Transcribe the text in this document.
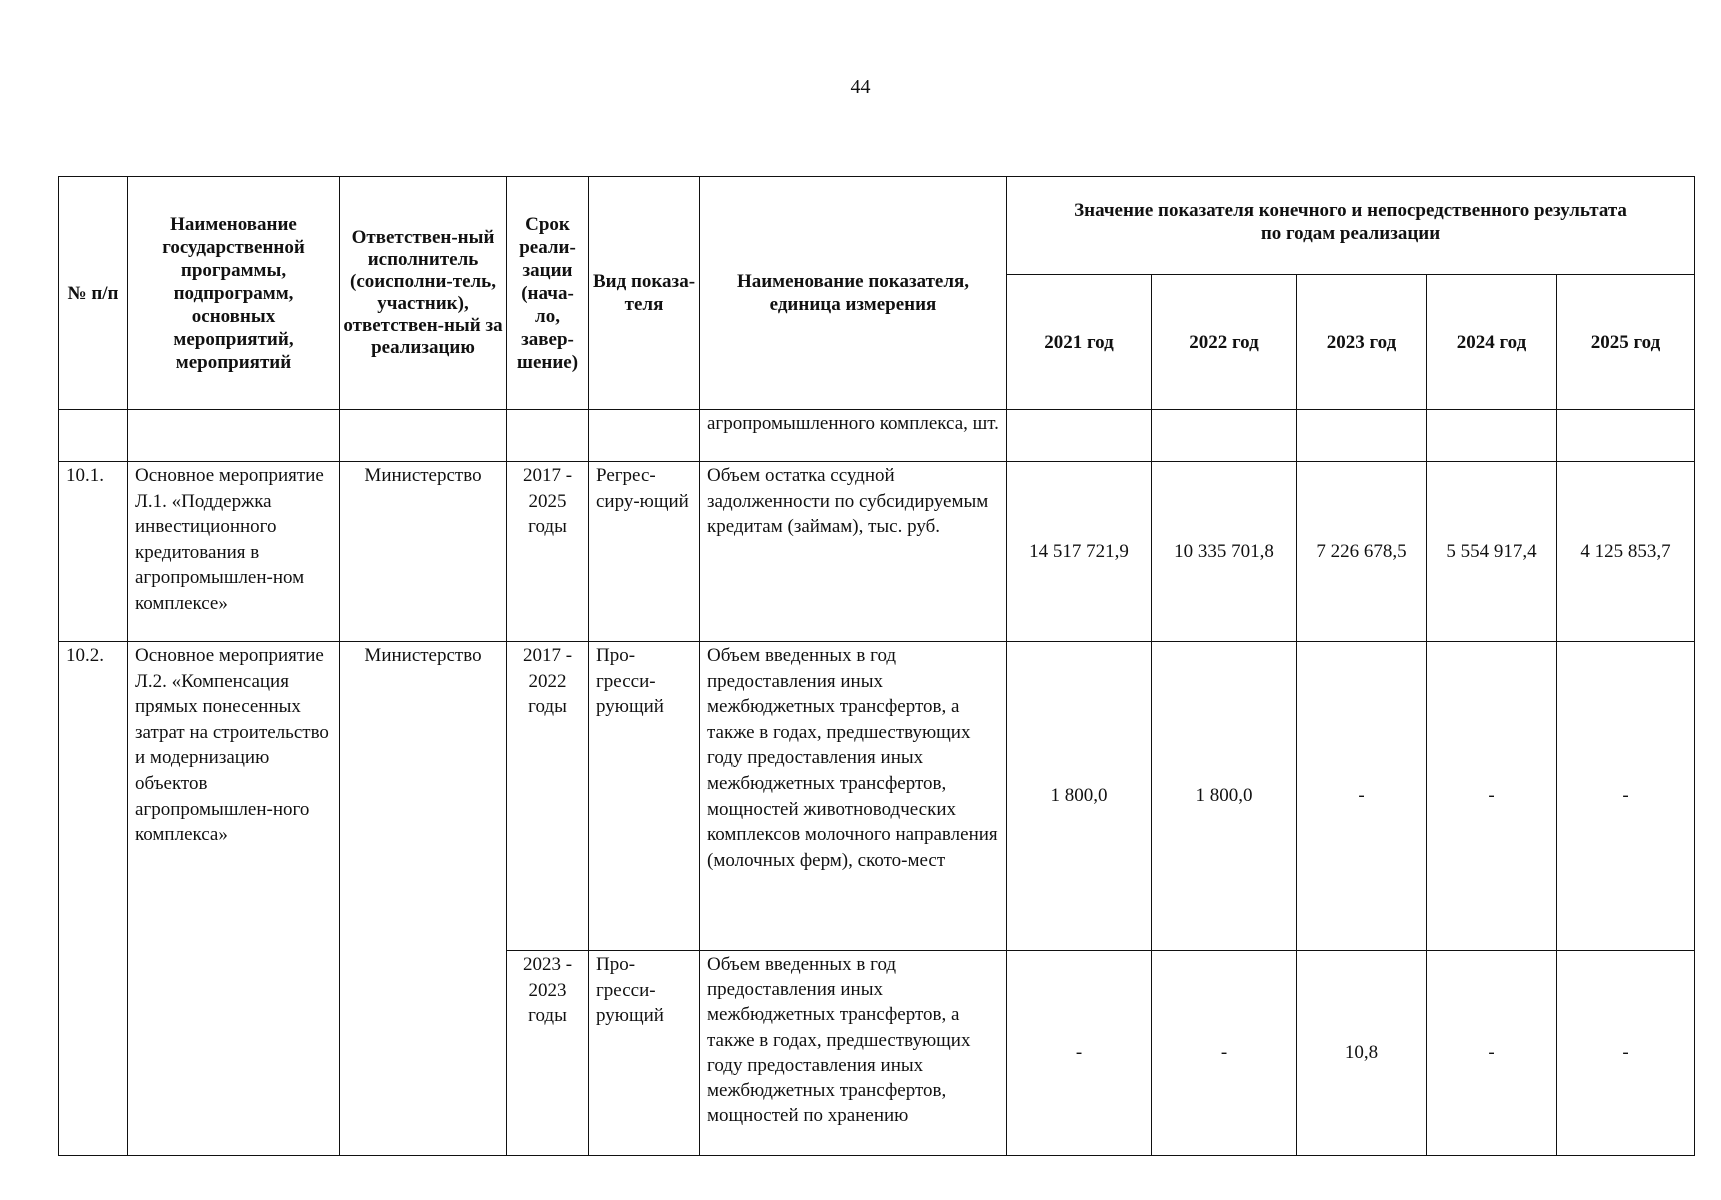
44
№ п/п	Наименование государственной программы, подпрограмм, основных мероприятий, мероприятий	Ответствен-ный исполнитель (соисполни-тель, участник), ответствен-ный за реализацию	Срок реали-зации (нача-ло, завер-шение)	Вид показа-теля	Наименование показателя, единица измерения	Значение показателя конечного и непосредственного результата по годам реализации				
						2021 год	2022 год	2023 год	2024 год	2025 год
					агропромышленного комплекса, шт.					
10.1.	Основное мероприятие Л.1. «Поддержка инвестиционного кредитования в агропромышлен-ном комплексе»	Министерство	2017 - 2025 годы	Регрес-сиру-ющий	Объем остатка ссудной задолженности по субсидируемым кредитам (займам), тыс. руб.	14 517 721,9	10 335 701,8	7 226 678,5	5 554 917,4	4 125 853,7
10.2.	Основное мероприятие Л.2. «Компенсация прямых понесенных затрат на строительство и модернизацию объектов агропромышлен-ного комплекса»	Министерство	2017 - 2022 годы	Про-гресси-рующий	Объем введенных в год предоставления иных межбюджетных трансфертов, а также в годах, предшествующих году предоставления иных межбюджетных трансфертов, мощностей животноводческих комплексов молочного направления (молочных ферм), ското-мест	1 800,0	1 800,0	-	-	-
			2023 - 2023 годы	Про-гресси-рующий	Объем введенных в год предоставления иных межбюджетных трансфертов, а также в годах, предшествующих году предоставления иных межбюджетных трансфертов, мощностей по хранению	-	-	10,8	-	-
